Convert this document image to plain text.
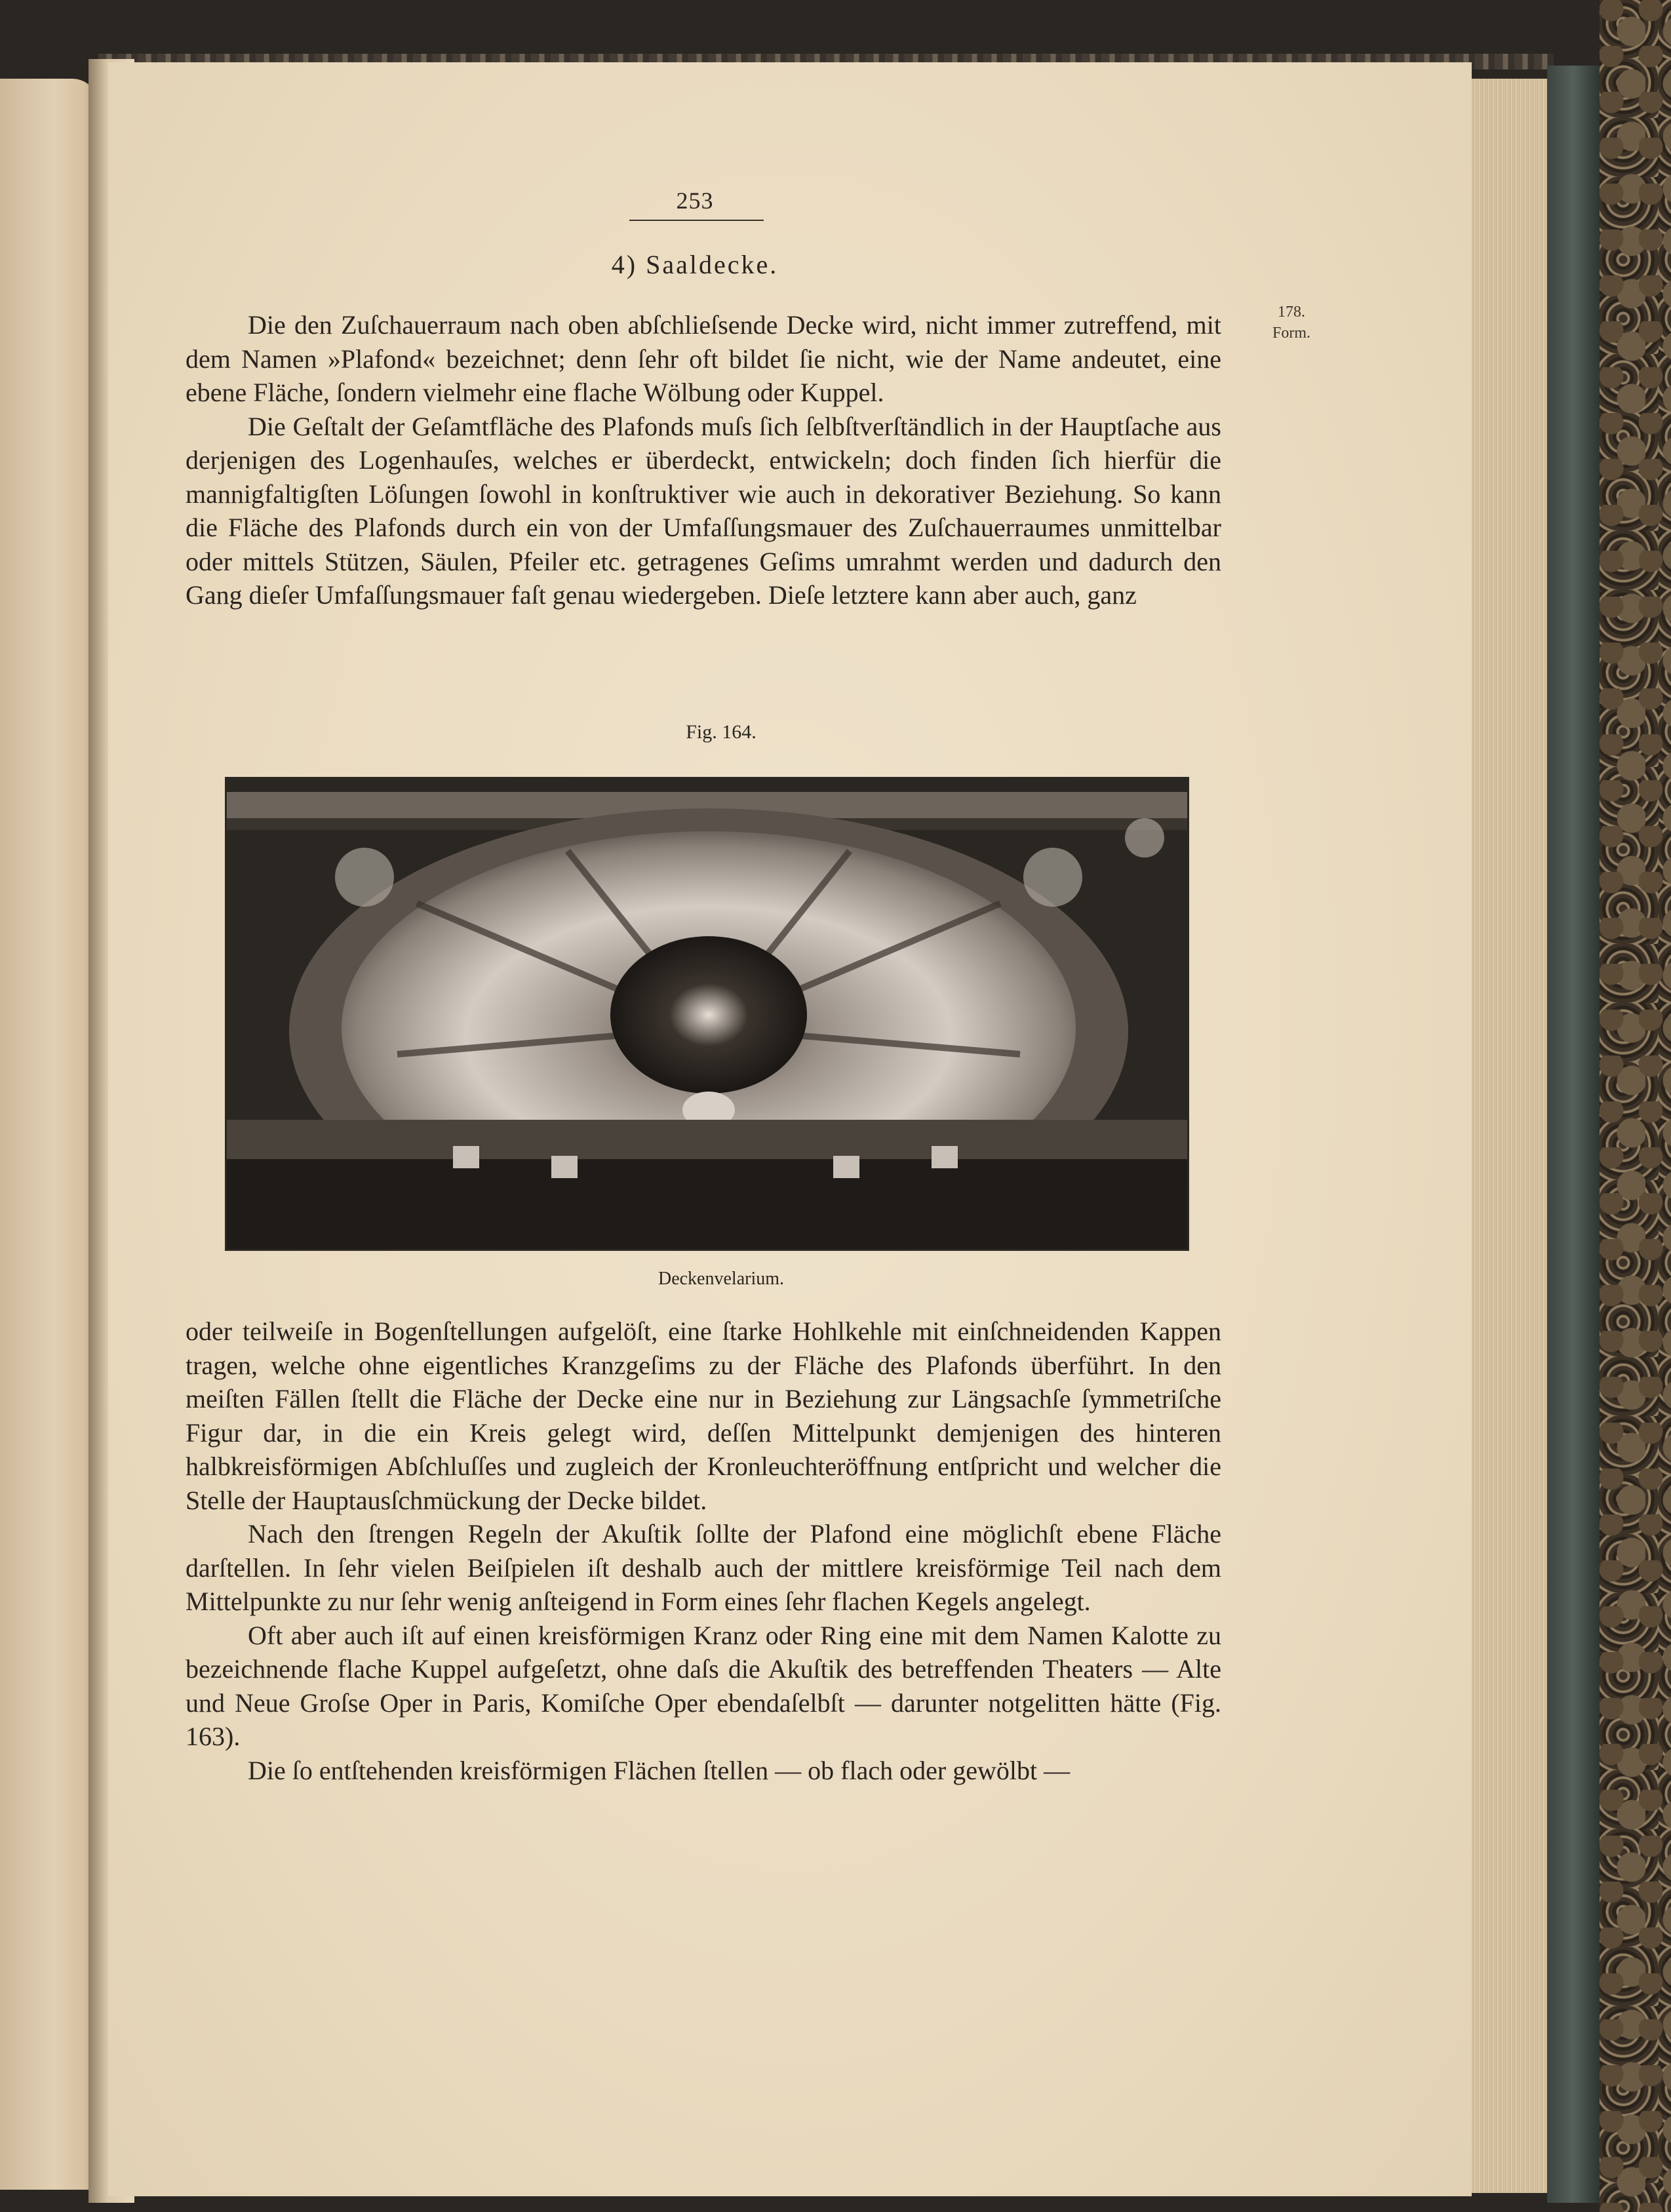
253
4) Saaldecke.
178.
Form.

Die den Zuſchauerraum nach oben abſchlieſsende Decke wird, nicht immer zutreffend, mit dem Namen »Plafond« bezeichnet; denn ſehr oft bildet ſie nicht, wie der Name andeutet, eine ebene Fläche, ſondern vielmehr eine flache Wölbung oder Kuppel.

Die Geſtalt der Geſamtfläche des Plafonds muſs ſich ſelbſtverſtändlich in der Hauptſache aus derjenigen des Logenhauſes, welches er überdeckt, entwickeln; doch finden ſich hierfür die mannigfaltigſten Löſungen ſowohl in konſtruktiver wie auch in dekorativer Beziehung. So kann die Fläche des Plafonds durch ein von der Umfaſſungsmauer des Zuſchauerraumes unmittelbar oder mittels Stützen, Säulen, Pfeiler etc. getragenes Geſims umrahmt werden und dadurch den Gang dieſer Umfaſſungsmauer faſt genau wiedergeben. Dieſe letztere kann aber auch, ganz

Fig. 164.
Deckenvelarium.

oder teilweiſe in Bogenſtellungen aufgelöſt, eine ſtarke Hohlkehle mit einſchneidenden Kappen tragen, welche ohne eigentliches Kranzgeſims zu der Fläche des Plafonds überführt. In den meiſten Fällen ſtellt die Fläche der Decke eine nur in Beziehung zur Längsachſe ſymmetriſche Figur dar, in die ein Kreis gelegt wird, deſſen Mittelpunkt demjenigen des hinteren halbkreisförmigen Abſchluſſes und zugleich der Kronleuchteröffnung entſpricht und welcher die Stelle der Hauptausſchmückung der Decke bildet.

Nach den ſtrengen Regeln der Akuſtik ſollte der Plafond eine möglichſt ebene Fläche darſtellen. In ſehr vielen Beiſpielen iſt deshalb auch der mittlere kreisförmige Teil nach dem Mittelpunkte zu nur ſehr wenig anſteigend in Form eines ſehr flachen Kegels angelegt.

Oft aber auch iſt auf einen kreisförmigen Kranz oder Ring eine mit dem Namen Kalotte zu bezeichnende flache Kuppel aufgeſetzt, ohne daſs die Akuſtik des betreffenden Theaters — Alte und Neue Groſse Oper in Paris, Komiſche Oper ebendaſelbſt — darunter notgelitten hätte (Fig. 163).

Die ſo entſtehenden kreisförmigen Flächen ſtellen — ob flach oder gewölbt —
